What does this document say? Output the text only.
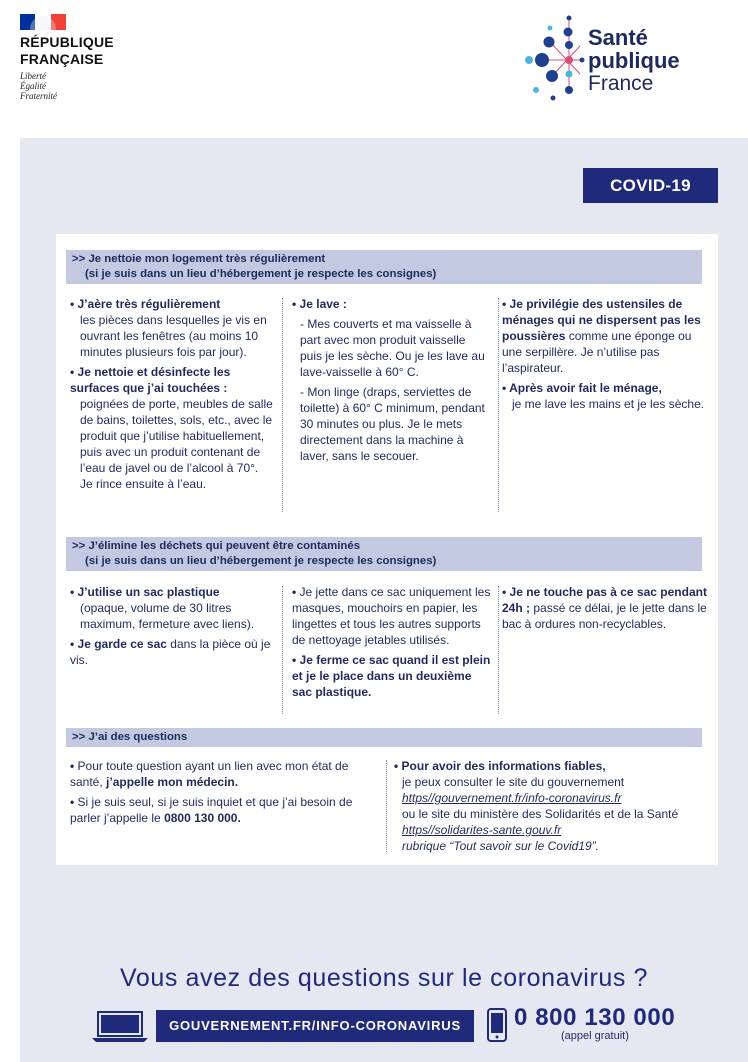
RÉPUBLIQUE
FRANÇAISE
Liberté
Égalité
Fraternité
Santé
publique
France
COVID-19
>> Je nettoie mon logement très régulièrement
(si je suis dans un lieu d’hébergement je respecte les consignes)

• J’aère très régulièrement
les pièces dans lesquelles je vis en ouvrant les fenêtres (au moins 10 minutes plusieurs fois par jour).

• Je nettoie et désinfecte les surfaces que j’ai touchées :
poignées de porte, meubles de salle de bains, toilettes, sols, etc., avec le produit que j’utilise habituellement, puis avec un produit contenant de l’eau de javel ou de l’alcool à 70°. Je rince ensuite à l’eau.

• Je lave :

- Mes couverts et ma vaisselle à part avec mon produit vaisselle puis je les sèche. Ou je les lave au lave-vaisselle à 60° C.

- Mon linge (draps, serviettes de toilette) à 60° C minimum, pendant 30 minutes ou plus. Je le mets directement dans la machine à laver, sans le secouer.

• Je privilégie des ustensiles de ménages qui ne dispersent pas les poussières comme une éponge ou une serpillère. Je n’utilise pas l’aspirateur.

• Après avoir fait le ménage,
je me lave les mains et je les sèche.

>> J’élimine les déchets qui peuvent être contaminés
(si je suis dans un lieu d’hébergement je respecte les consignes)

• J’utilise un sac plastique
(opaque, volume de 30 litres maximum, fermeture avec liens).

• Je garde ce sac dans la pièce où je vis.

• Je jette dans ce sac uniquement les masques, mouchoirs en papier, les lingettes et tous les autres supports de nettoyage jetables utilisés.

• Je ferme ce sac quand il est plein et je le place dans un deuxième sac plastique.

• Je ne touche pas à ce sac pendant 24h ; passé ce délai, je le jette dans le bac à ordures non-recyclables.

>> J’ai des questions

• Pour toute question ayant un lien avec mon état de santé, j’appelle mon médecin.

• Si je suis seul, si je suis inquiet et que j’ai besoin de parler j’appelle le 0800 130 000.

• Pour avoir des informations fiables,
je peux consulter le site du gouvernement
https//gouvernement.fr/info-coronavirus.fr
ou le site du ministère des Solidarités et de la Santé
https//solidarites-sante.gouv.fr
rubrique “Tout savoir sur le Covid19”.
Vous avez des questions sur le coronavirus ?
GOUVERNEMENT.FR/INFO-CORONAVIRUS	0 800 130 000
(appel gratuit)
